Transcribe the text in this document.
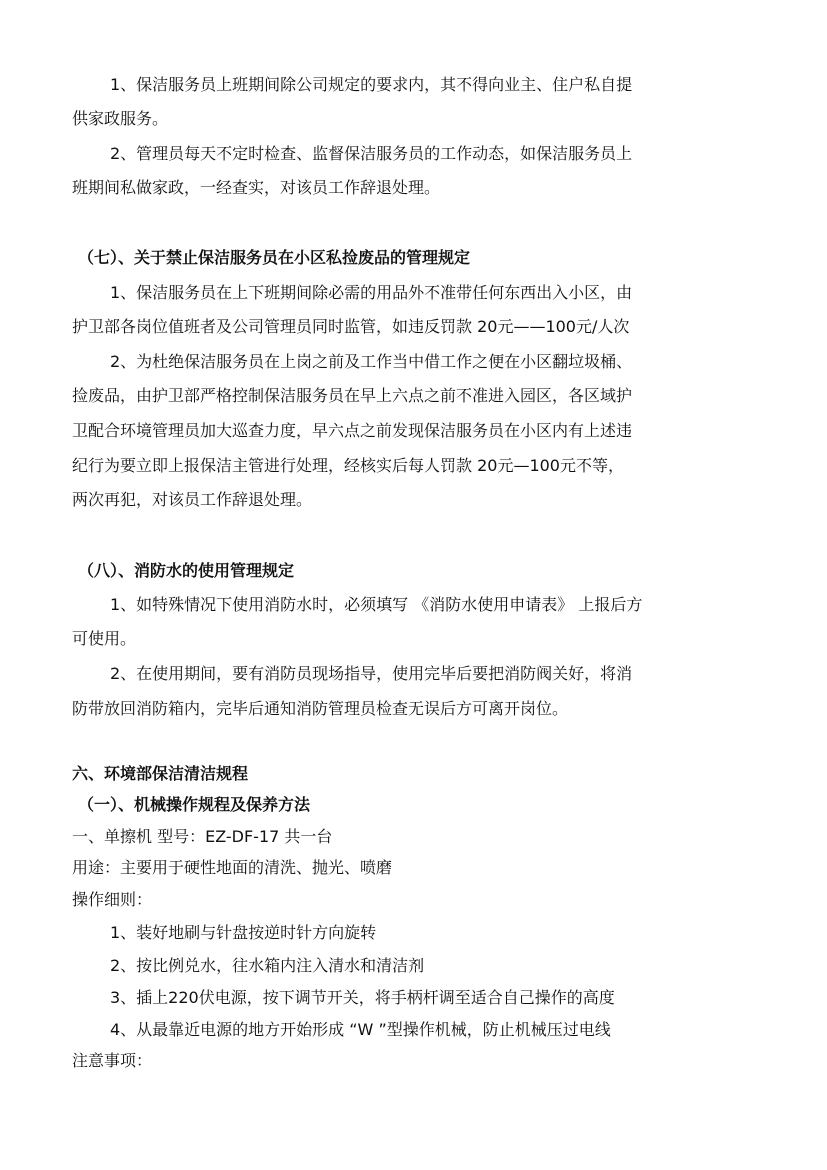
1、保洁服务员上班期间除公司规定的要求内，其不得向业主、住户私自提
供家政服务。
2、管理员每天不定时检查、监督保洁服务员的工作动态，如保洁服务员上
班期间私做家政，一经查实，对该员工作辞退处理。
（七）、关于禁止保洁服务员在小区私捡废品的管理规定
1、保洁服务员在上下班期间除必需的用品外不准带任何东西出入小区，由
护卫部各岗位值班者及公司管理员同时监管，如违反罚款 20元——100元/人次
2、为杜绝保洁服务员在上岗之前及工作当中借工作之便在小区翻垃圾桶、
捡废品，由护卫部严格控制保洁服务员在早上六点之前不准进入园区，各区域护
卫配合环境管理员加大巡查力度，早六点之前发现保洁服务员在小区内有上述违
纪行为要立即上报保洁主管进行处理，经核实后每人罚款 20元—100元不等，
两次再犯，对该员工作辞退处理。
（八）、消防水的使用管理规定
1、如特殊情况下使用消防水时，必须填写 《消防水使用申请表》 上报后方
可使用。
2、在使用期间，要有消防员现场指导，使用完毕后要把消防阀关好，将消
防带放回消防箱内，完毕后通知消防管理员检查无误后方可离开岗位。
六、环境部保洁清洁规程
（一）、机械操作规程及保养方法
一、单擦机 型号：EZ-DF-17 共一台
用途：主要用于硬性地面的清洗、抛光、喷磨
操作细则：
1、装好地刷与针盘按逆时针方向旋转
2、按比例兑水，往水箱内注入清水和清洁剂
3、插上220伏电源，按下调节开关，将手柄杆调至适合自己操作的高度
4、从最靠近电源的地方开始形成 “W ”型操作机械，防止机械压过电线
注意事项：
